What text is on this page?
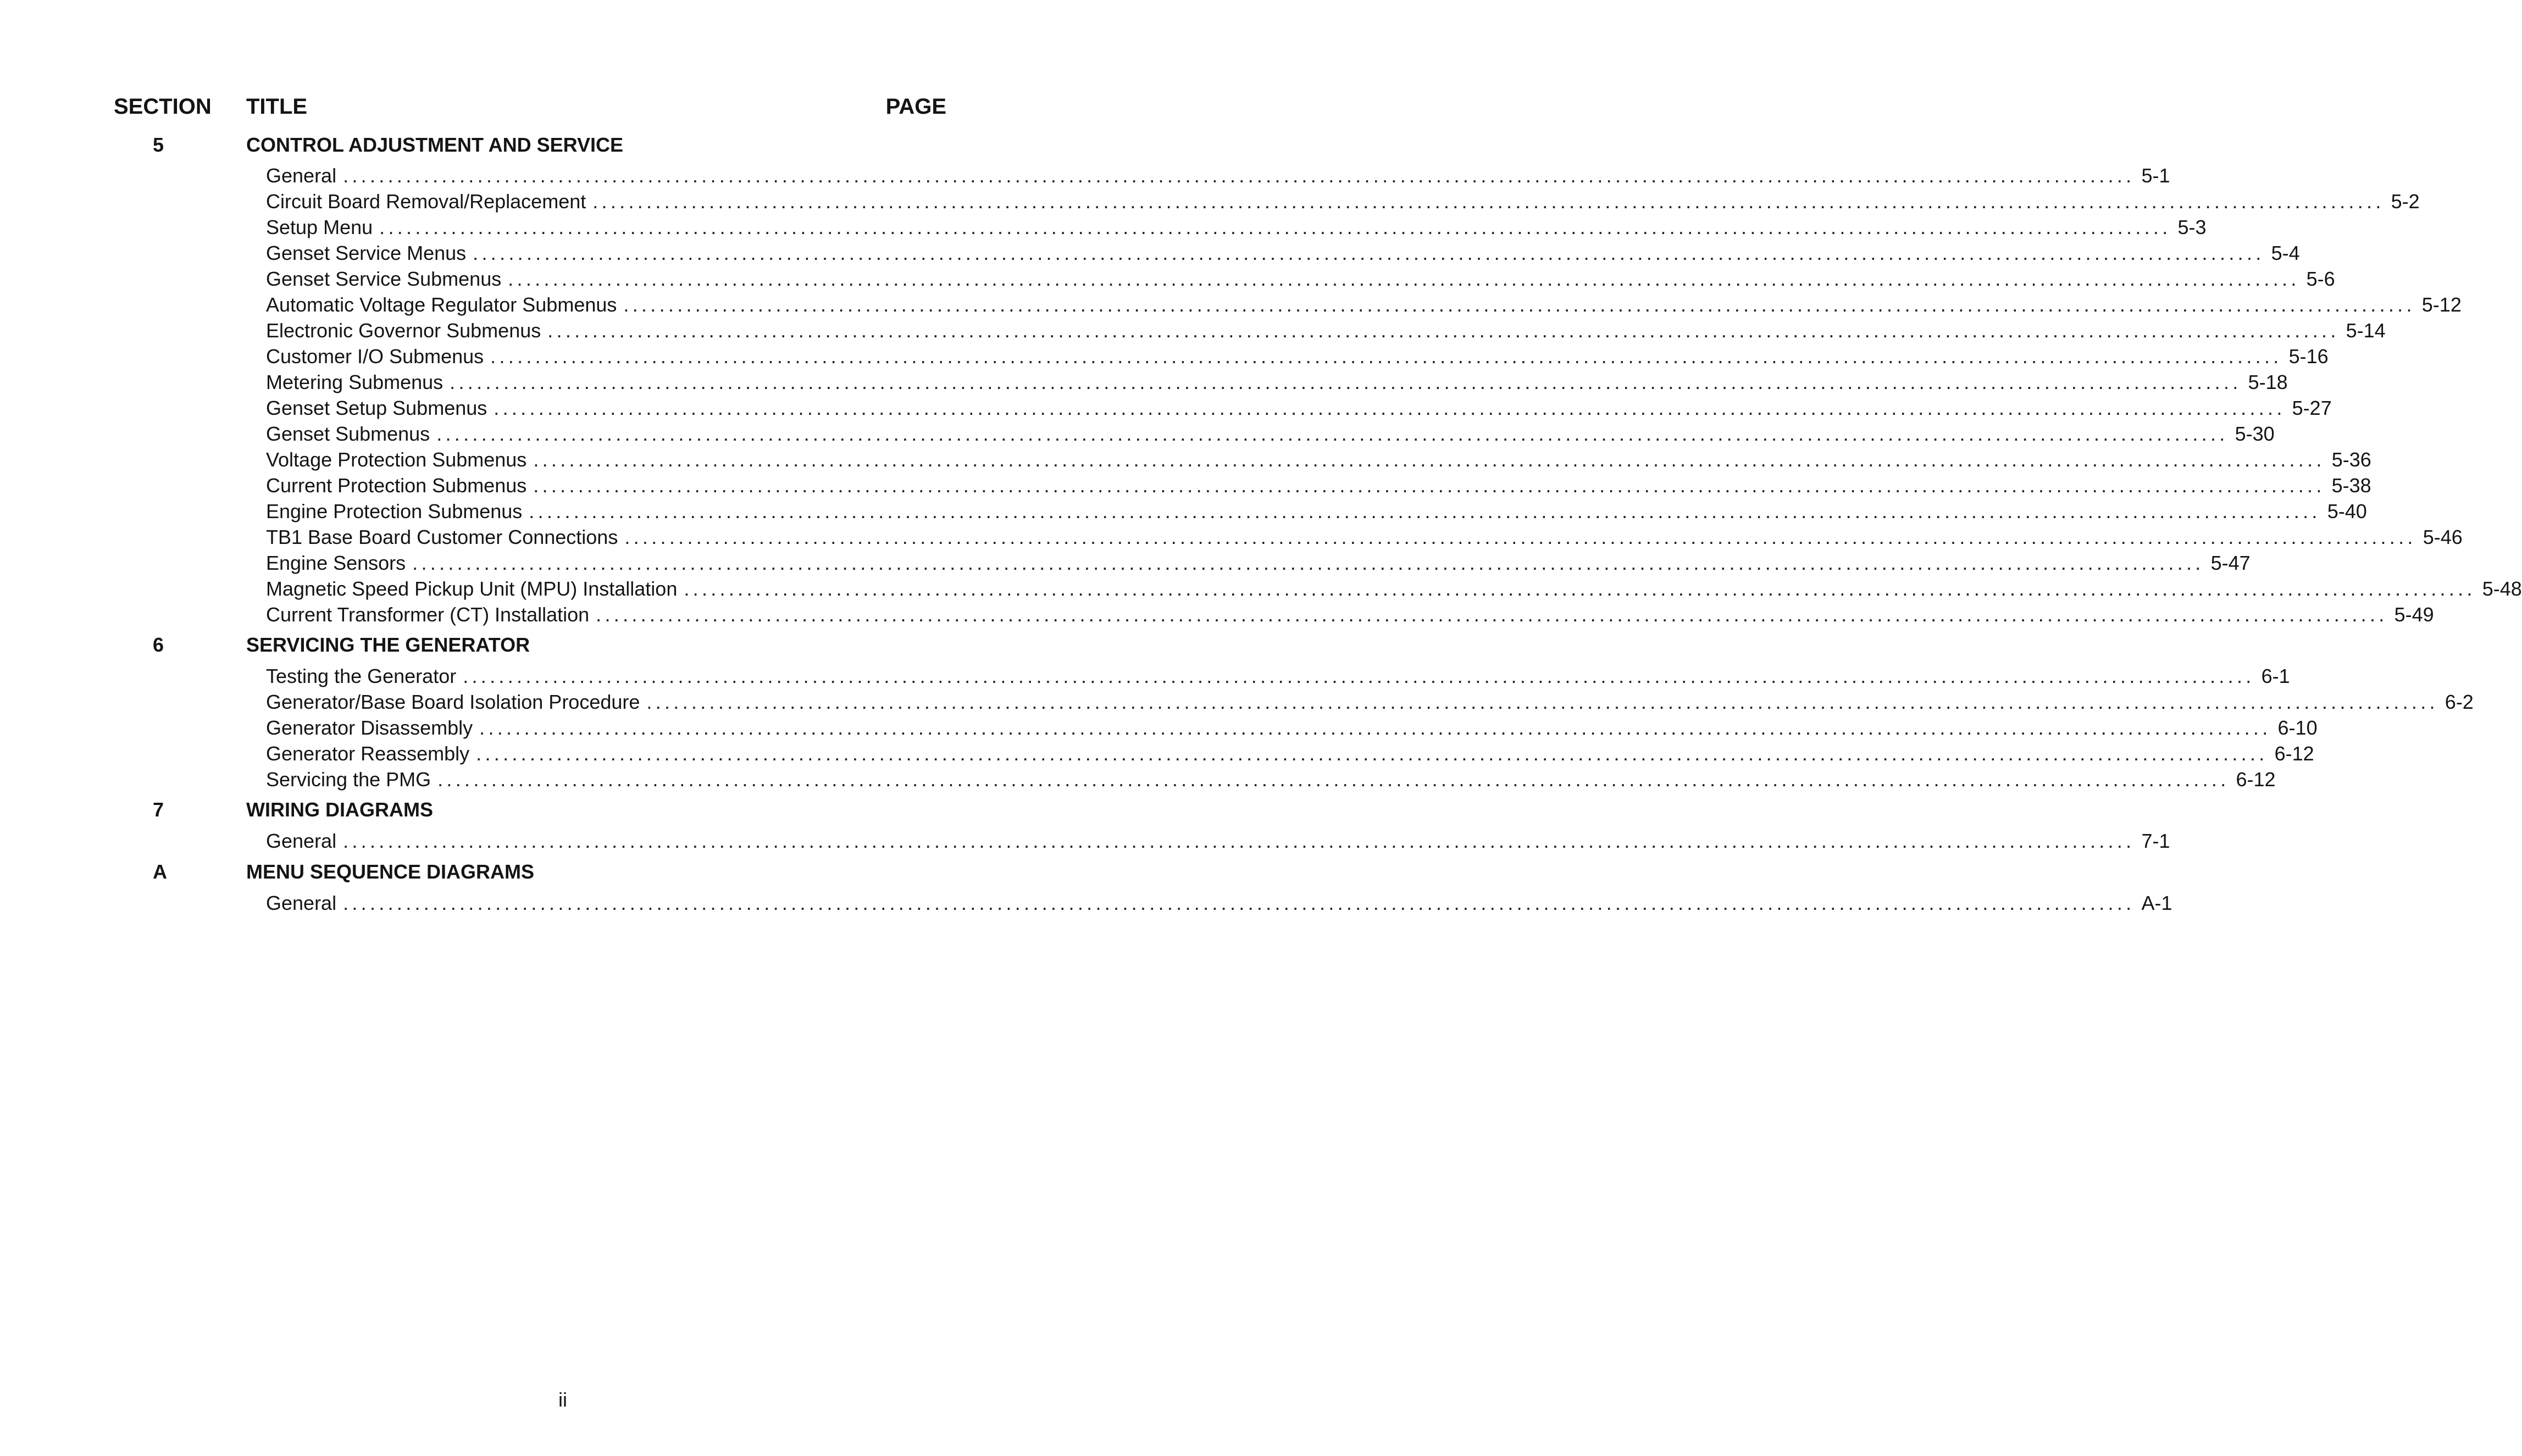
SECTION TITLE	PAGE
5	CONTROL ADJUSTMENT AND SERVICE
General ........................................................................................................................................................................................................ 5-1
Circuit Board Removal/Replacement ........................................................................................................................................................................................................ 5-2
Setup Menu ........................................................................................................................................................................................................ 5-3
Genset Service Menus ........................................................................................................................................................................................................ 5-4
Genset Service Submenus ........................................................................................................................................................................................................ 5-6
Automatic Voltage Regulator Submenus ........................................................................................................................................................................................................ 5-12
Electronic Governor Submenus ........................................................................................................................................................................................................ 5-14
Customer I/O Submenus ........................................................................................................................................................................................................ 5-16
Metering Submenus ........................................................................................................................................................................................................ 5-18
Genset Setup Submenus ........................................................................................................................................................................................................ 5-27
Genset Submenus ........................................................................................................................................................................................................ 5-30
Voltage Protection Submenus ........................................................................................................................................................................................................ 5-36
Current Protection Submenus ........................................................................................................................................................................................................ 5-38
Engine Protection Submenus ........................................................................................................................................................................................................ 5-40
TB1 Base Board Customer Connections ........................................................................................................................................................................................................ 5-46
Engine Sensors ........................................................................................................................................................................................................ 5-47
Magnetic Speed Pickup Unit (MPU) Installation ........................................................................................................................................................................................................ 5-48
Current Transformer (CT) Installation ........................................................................................................................................................................................................ 5-49
6	SERVICING THE GENERATOR
Testing the Generator ........................................................................................................................................................................................................ 6-1
Generator/Base Board Isolation Procedure ........................................................................................................................................................................................................ 6-2
Generator Disassembly ........................................................................................................................................................................................................ 6-10
Generator Reassembly ........................................................................................................................................................................................................ 6-12
Servicing the PMG ........................................................................................................................................................................................................ 6-12
7	WIRING DIAGRAMS
General ........................................................................................................................................................................................................ 7-1
A	MENU SEQUENCE DIAGRAMS
General ........................................................................................................................................................................................................ A-1
ii
